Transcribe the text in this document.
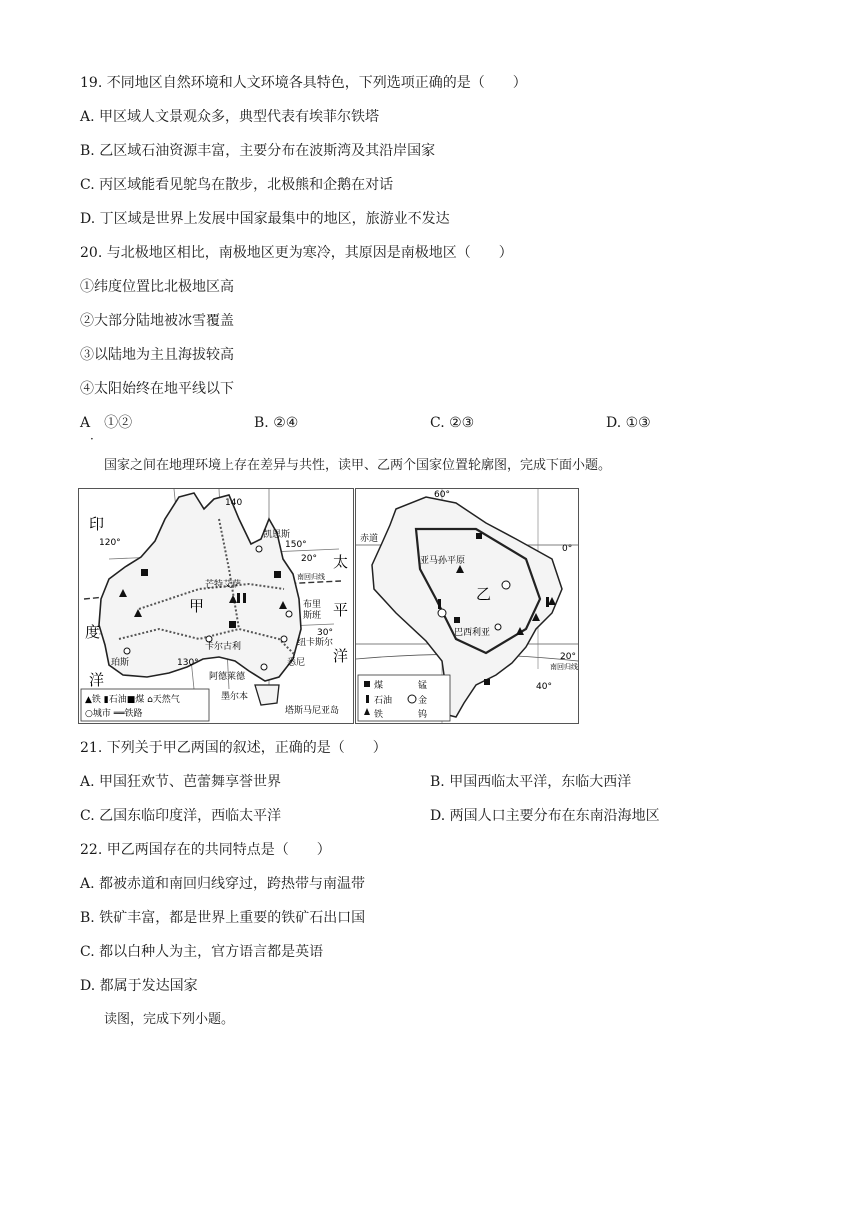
19. 不同地区自然环境和人文环境各具特色，下列选项正确的是（　　）
A. 甲区域人文景观众多，典型代表有埃菲尔铁塔
B. 乙区域石油资源丰富，主要分布在波斯湾及其沿岸国家
C. 丙区域能看见鸵鸟在散步，北极熊和企鹅在对话
D. 丁区域是世界上发展中国家最集中的地区，旅游业不发达
20. 与北极地区相比，南极地区更为寒冷，其原因是南极地区（　　）
①纬度位置比北极地区高
②大部分陆地被冰雪覆盖
③以陆地为主且海拔较高
④太阳始终在地平线以下
A　①②
·
B. ②④	C. ②③	D. ①③
国家之间在地理环境上存在差异与共性，读甲、乙两个国家位置轮廓图，完成下面小题。
印
度
洋
太
平
洋
甲
140
120°	150°
130°
20°
30°
凯恩斯
芒特艾萨
南回归线
布里
斯班
纽卡斯尔
珀斯
卡尔古利
悉尼
阿德莱德
墨尔本
塔斯马尼亚岛
▲铁 ▮石油■煤 ⌂天然气
○城市 ══铁路
60°
赤道
0°
亚马孙平原
乙
巴西利亚
20°
南回归线
40°
煤	锰
石油	金
铁	钨
21. 下列关于甲乙两国的叙述，正确的是（　　）
A. 甲国狂欢节、芭蕾舞享誉世界	B. 甲国西临太平洋，东临大西洋
C. 乙国东临印度洋，西临太平洋	D. 两国人口主要分布在东南沿海地区
22. 甲乙两国存在的共同特点是（　　）
A. 都被赤道和南回归线穿过，跨热带与南温带
B. 铁矿丰富，都是世界上重要的铁矿石出口国
C. 都以白种人为主，官方语言都是英语
D. 都属于发达国家
读图，完成下列小题。
